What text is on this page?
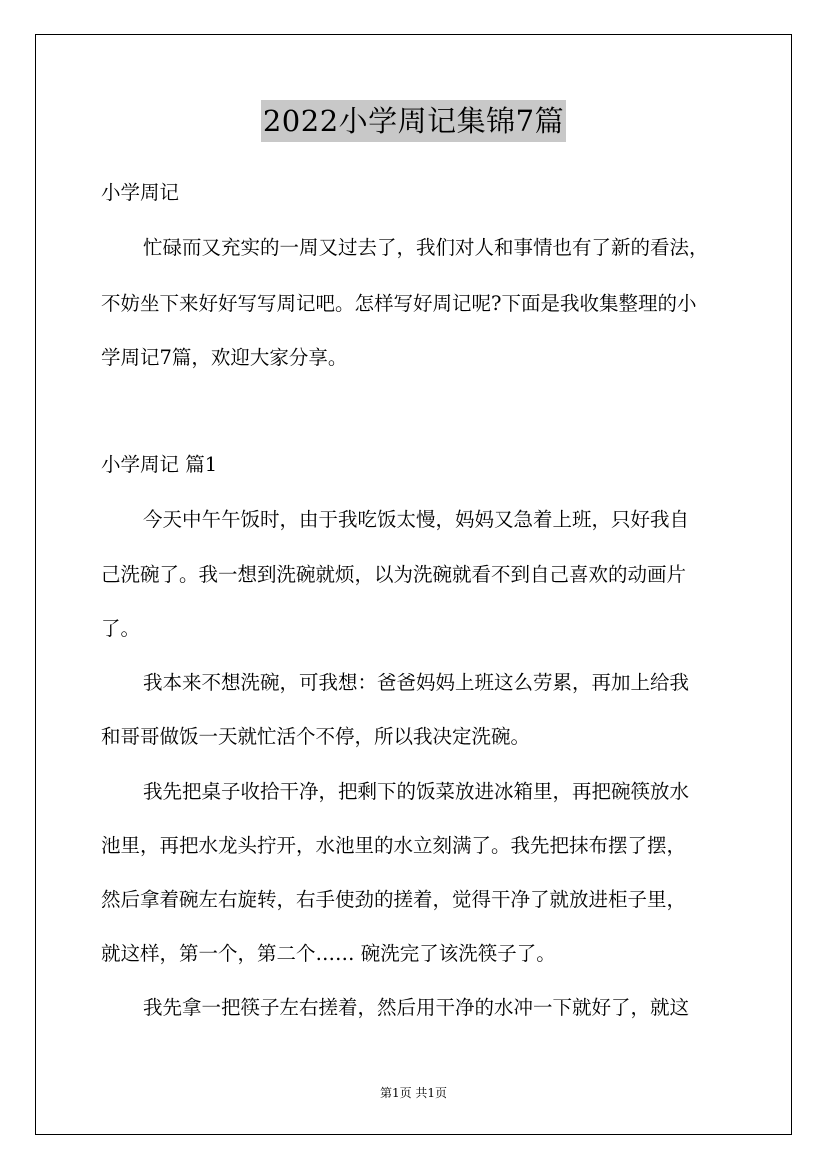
2022小学周记集锦7篇
小学周记
忙碌而又充实的一周又过去了，我们对人和事情也有了新的看法，
不妨坐下来好好写写周记吧。怎样写好周记呢?下面是我收集整理的小
学周记7篇，欢迎大家分享。
小学周记 篇1
今天中午午饭时，由于我吃饭太慢，妈妈又急着上班，只好我自
己洗碗了。我一想到洗碗就烦，以为洗碗就看不到自己喜欢的动画片
了。
我本来不想洗碗，可我想：爸爸妈妈上班这么劳累，再加上给我
和哥哥做饭一天就忙活个不停，所以我决定洗碗。
我先把桌子收拾干净，把剩下的饭菜放进冰箱里，再把碗筷放水
池里，再把水龙头拧开，水池里的水立刻满了。我先把抹布摆了摆，
然后拿着碗左右旋转，右手使劲的搓着，觉得干净了就放进柜子里，
就这样，第一个，第二个…… 碗洗完了该洗筷子了。
我先拿一把筷子左右搓着，然后用干净的水冲一下就好了，就这
第1页 共1页
